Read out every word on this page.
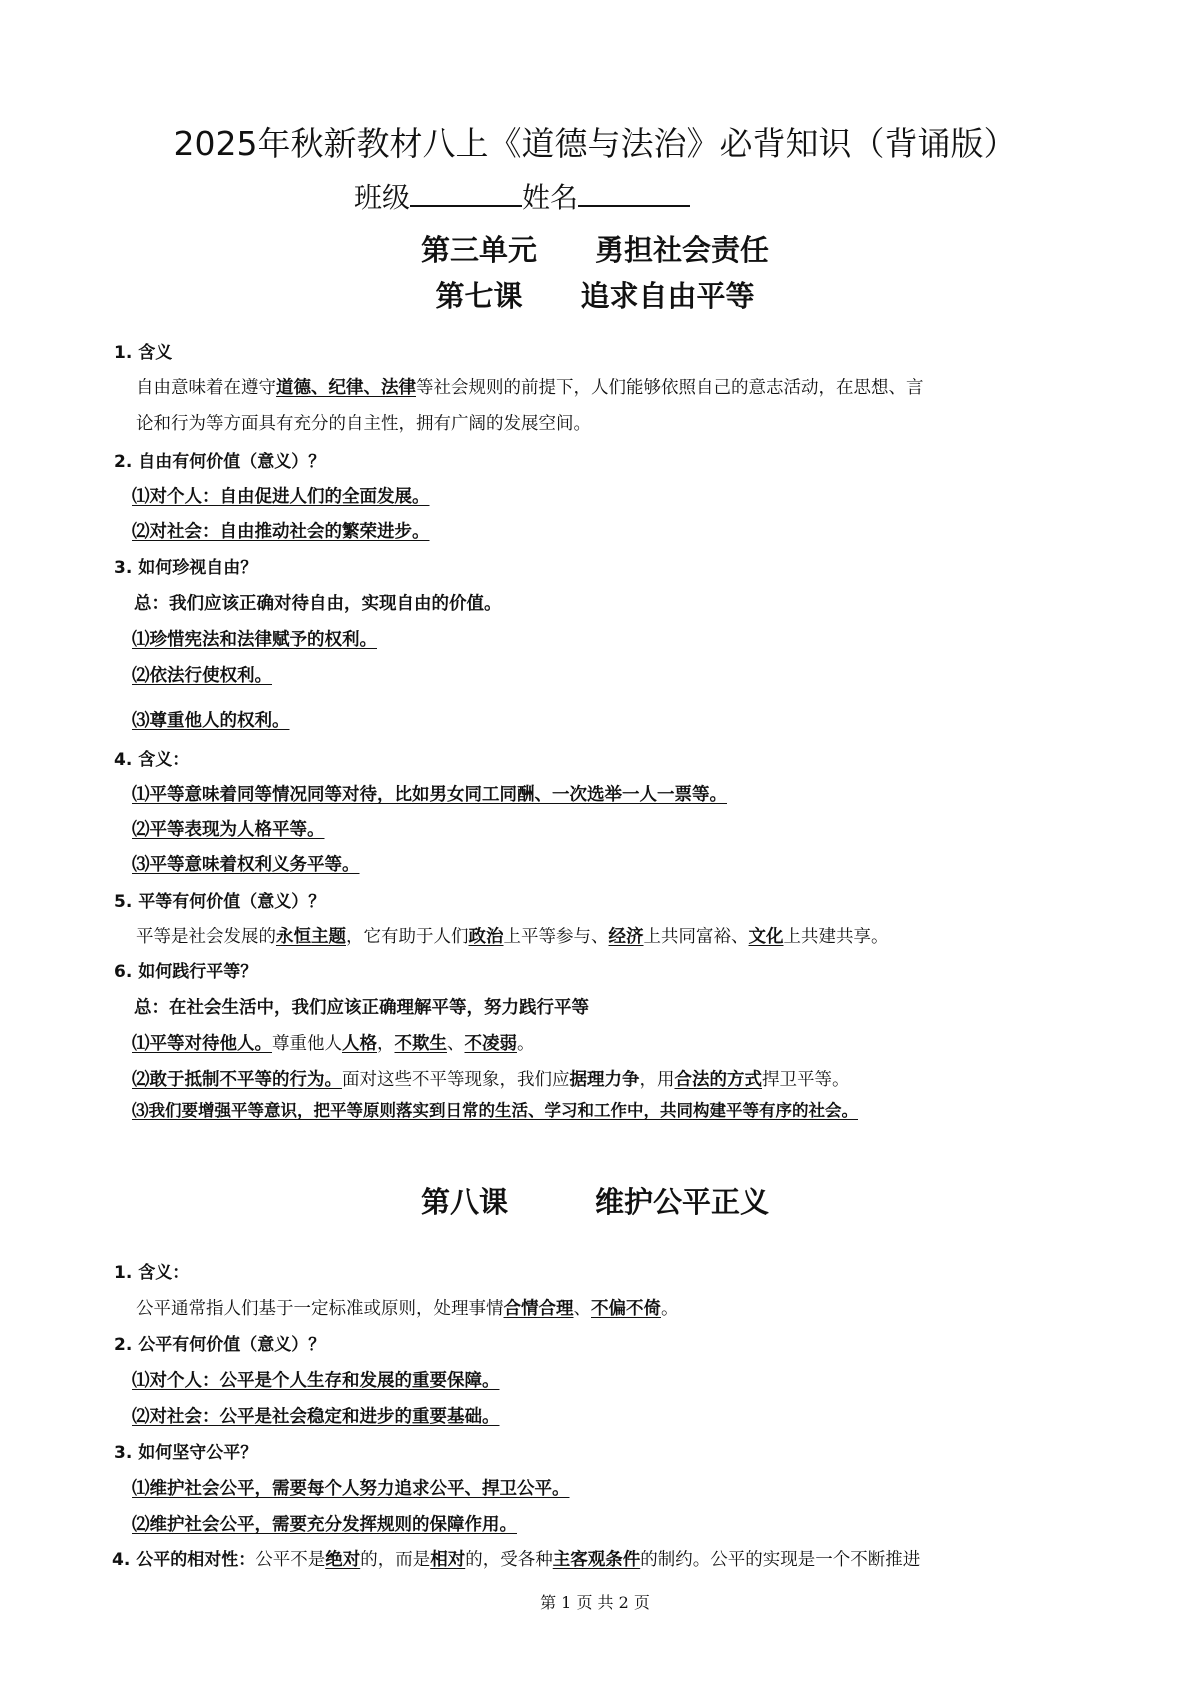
2025年秋新教材八上《道德与法治》必背知识（背诵版）
班级	姓名
第三单元　　勇担社会责任
第七课　　追求自由平等
1. 含义
自由意味着在遵守道德、纪律、法律等社会规则的前提下，人们能够依照自己的意志活动，在思想、言
论和行为等方面具有充分的自主性，拥有广阔的发展空间。
2. 自由有何价值（意义）？
⑴对个人：自由促进人们的全面发展。
⑵对社会：自由推动社会的繁荣进步。
3. 如何珍视自由？
总：我们应该正确对待自由，实现自由的价值。
⑴珍惜宪法和法律赋予的权利。
⑵依法行使权利。
⑶尊重他人的权利。
4. 含义：
⑴平等意味着同等情况同等对待，比如男女同工同酬、一次选举一人一票等。
⑵平等表现为人格平等。
⑶平等意味着权利义务平等。
5. 平等有何价值（意义）？
平等是社会发展的永恒主题，它有助于人们政治上平等参与、经济上共同富裕、文化上共建共享。
6. 如何践行平等？
总：在社会生活中，我们应该正确理解平等，努力践行平等
⑴平等对待他人。尊重他人人格，不欺生、不凌弱。
⑵敢于抵制不平等的行为。面对这些不平等现象，我们应据理力争，用合法的方式捍卫平等。
⑶我们要增强平等意识，把平等原则落实到日常的生活、学习和工作中，共同构建平等有序的社会。
第八课　　　维护公平正义
1. 含义：
公平通常指人们基于一定标准或原则，处理事情合情合理、不偏不倚。
2. 公平有何价值（意义）？
⑴对个人：公平是个人生存和发展的重要保障。
⑵对社会：公平是社会稳定和进步的重要基础。
3. 如何坚守公平？
⑴维护社会公平，需要每个人努力追求公平、捍卫公平。
⑵维护社会公平，需要充分发挥规则的保障作用。
4. 公平的相对性：公平不是绝对的，而是相对的，受各种主客观条件的制约。公平的实现是一个不断推进
第 1 页 共 2 页
